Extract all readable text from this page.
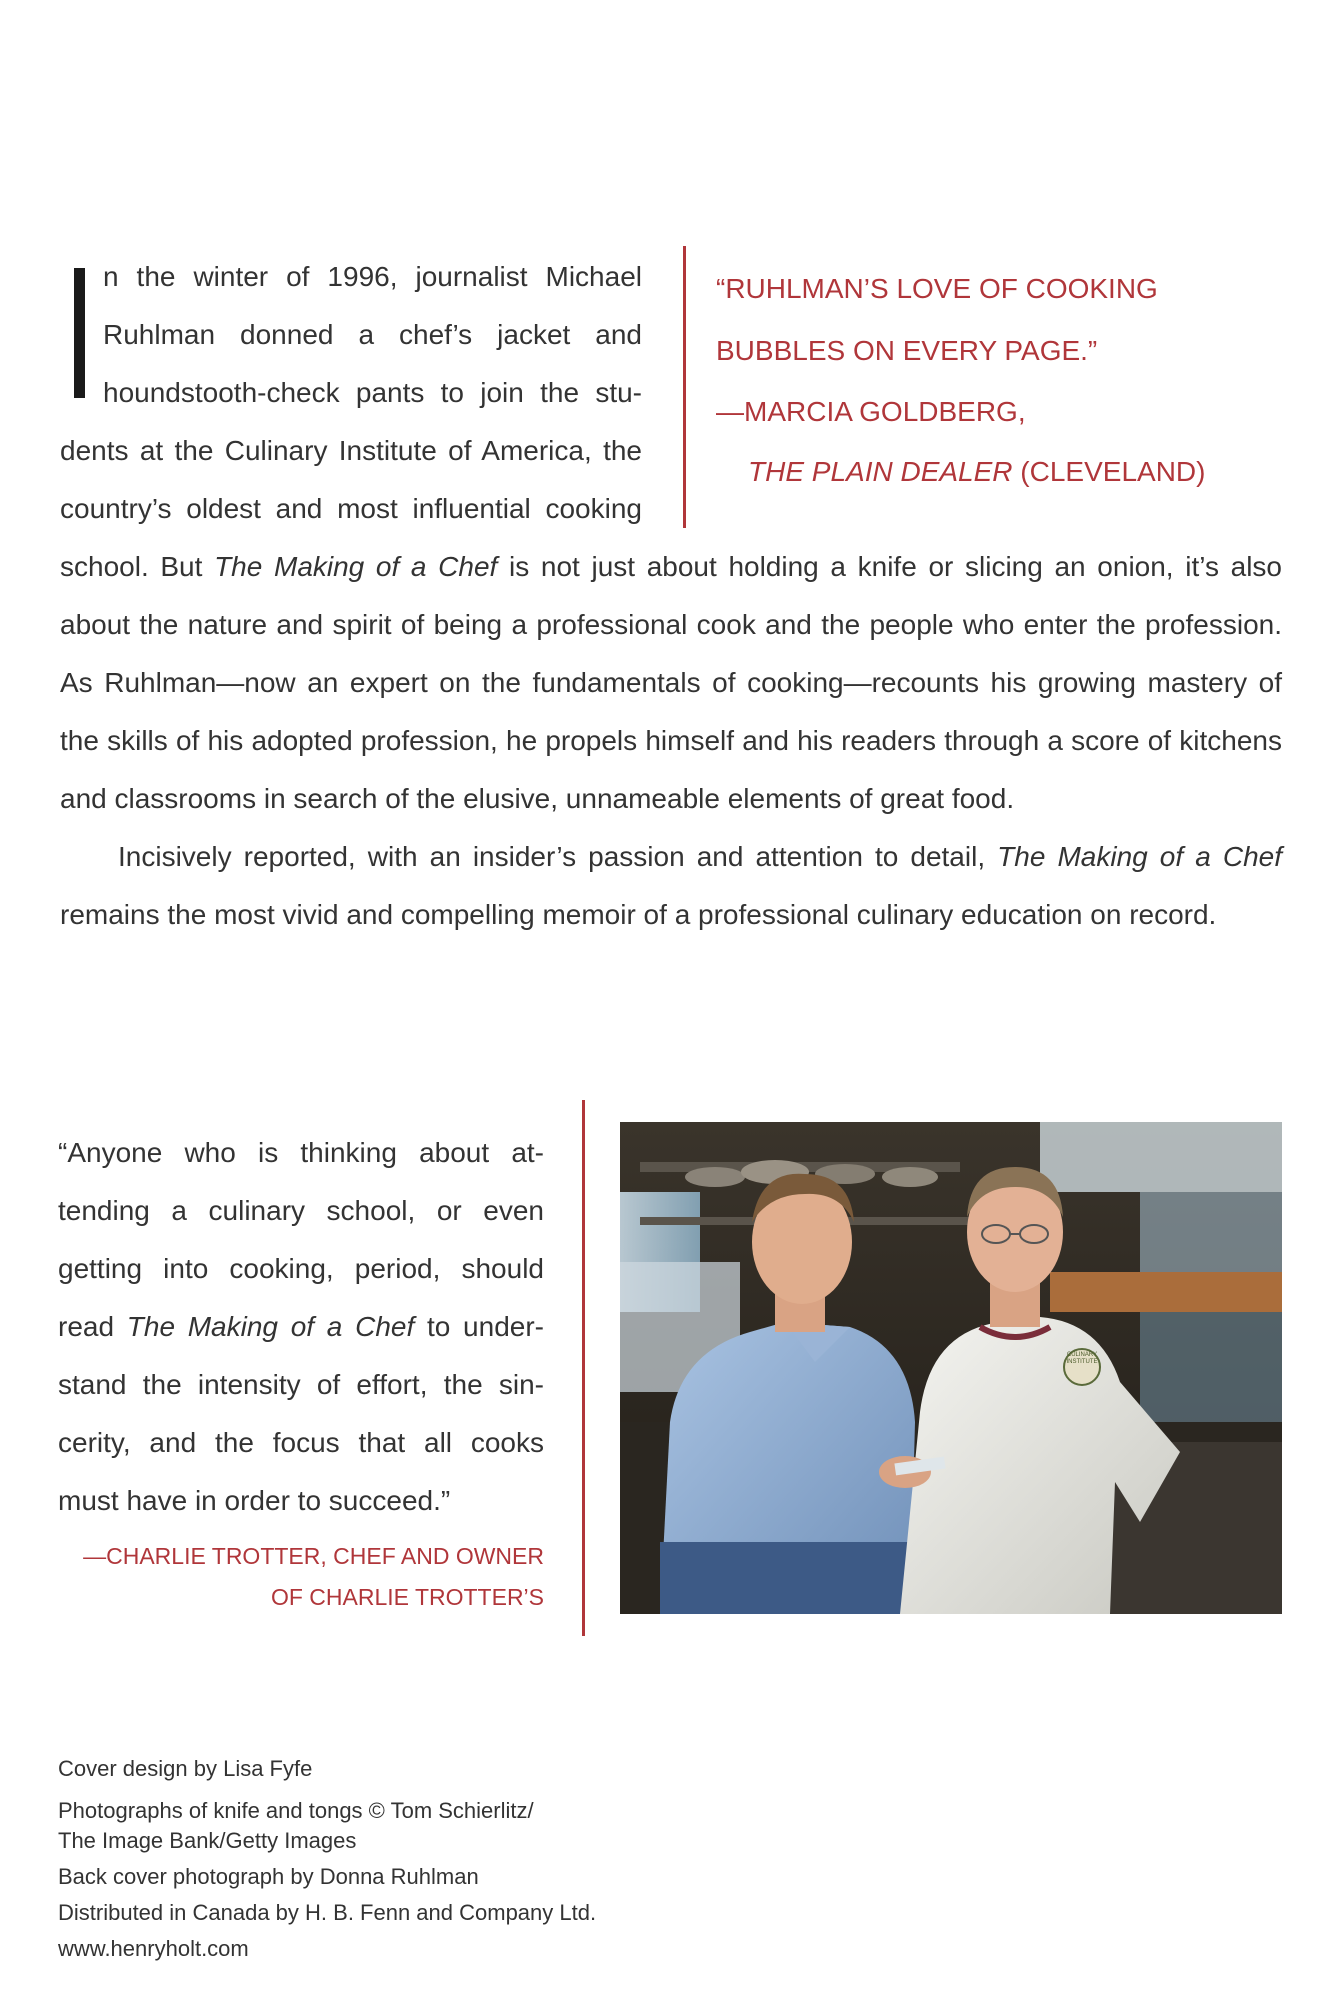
n the winter of 1996, journalist Michael
Ruhlman donned a chef’s jacket and
houndstooth-check pants to join the stu-
dents at the Culinary Institute of America, the
country’s oldest and most influential cooking
“RUHLMAN’S LOVE OF COOKING
BUBBLES ON EVERY PAGE.”
—MARCIA GOLDBERG,
THE PLAIN DEALER (CLEVELAND)

school. But The Making of a Chef is not just about holding a knife or slicing an onion, it’s also about the nature and spirit of being a professional cook and the people who enter the profession. As Ruhlman—now an expert on the fundamentals of cooking—recounts his growing mastery of the skills of his adopted profession, he propels himself and his readers through a score of kitchens and classrooms in search of the elusive, unnameable elements of great food.

Incisively reported, with an insider’s passion and attention to detail, The Making of a Chef remains the most vivid and compelling memoir of a professional culinary education on record.

“Anyone who is thinking about attending a culinary school, or even getting into cooking, period, should read The Making of a Chef to understand the intensity of effort, the sincerity, and the focus that all cooks must have in order to succeed.”
—CHARLIE TROTTER, CHEF AND OWNER
OF CHARLIE TROTTER’S
CULINARY INSTITUTE
Cover design by Lisa Fyfe
Photographs of knife and tongs © Tom Schierlitz/
The Image Bank/Getty Images
Back cover photograph by Donna Ruhlman
Distributed in Canada by H. B. Fenn and Company Ltd.
www.henryholt.com
